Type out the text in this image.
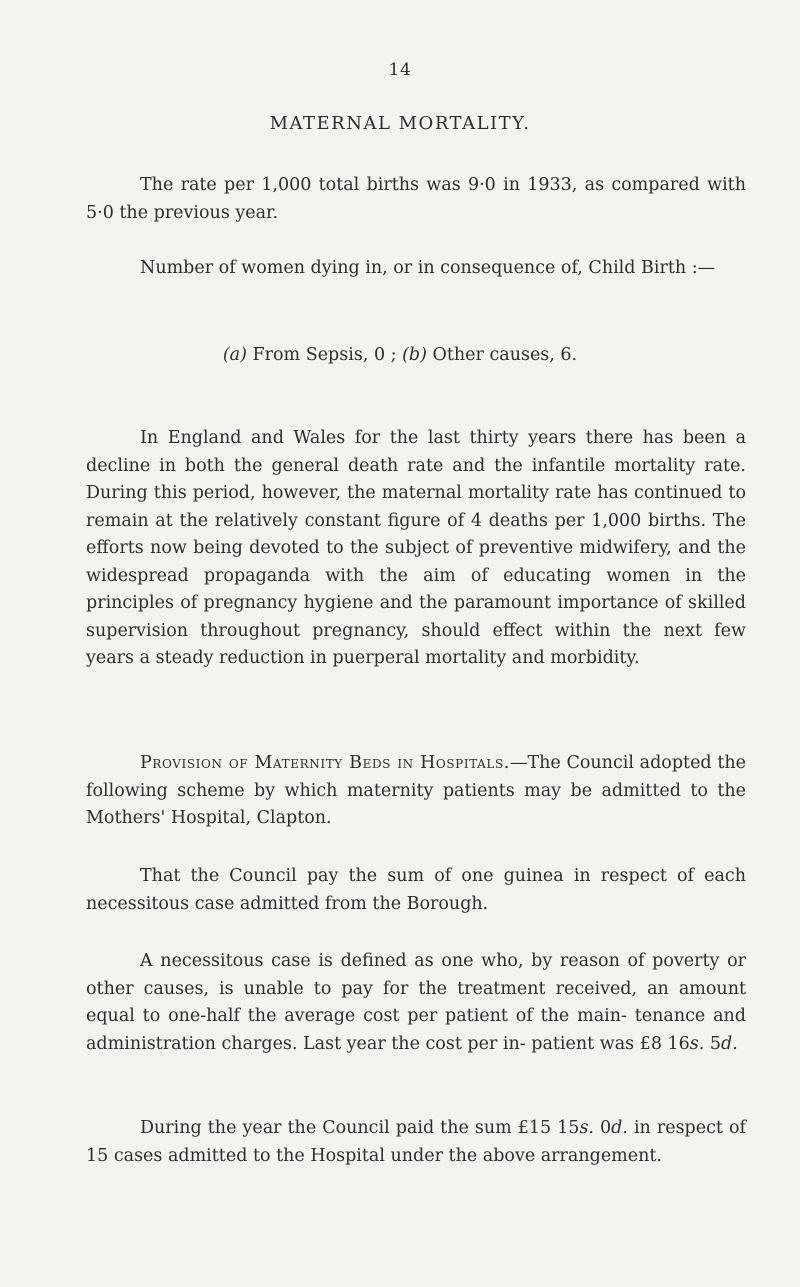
14
MATERNAL MORTALITY.

The rate per 1,000 total births was 9·0 in 1933, as compared with 5·0 the previous year.

Number of women dying in, or in consequence of, Child Birth :—

(a) From Sepsis, 0 ; (b) Other causes, 6.

In England and Wales for the last thirty years there has been a decline in both the general death rate and the infantile mortality rate. During this period, however, the maternal mortality rate has continued to remain at the relatively constant figure of 4 deaths per 1,000 births. The efforts now being devoted to the subject of preventive midwifery, and the widespread propaganda with the aim of educating women in the principles of pregnancy hygiene and the paramount importance of skilled supervision throughout pregnancy, should effect within the next few years a steady reduction in puerperal mortality and morbidity.

Provision of Maternity Beds in Hospitals.—The Council adopted the following scheme by which maternity patients may be admitted to the Mothers' Hospital, Clapton.

That the Council pay the sum of one guinea in respect of each necessitous case admitted from the Borough.

A necessitous case is defined as one who, by reason of poverty or other causes, is unable to pay for the treatment received, an amount equal to one-half the average cost per patient of the main- tenance and administration charges. Last year the cost per in- patient was £8 16s. 5d.

During the year the Council paid the sum £15 15s. 0d. in respect of 15 cases admitted to the Hospital under the above arrangement.
